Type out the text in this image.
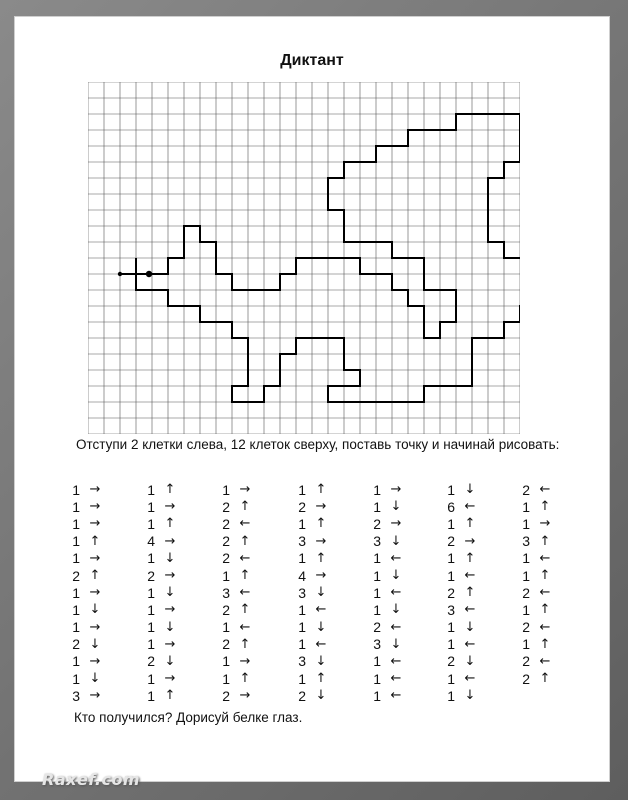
Диктант
Отступи 2 клетки слева, 12 клеток сверху, поставь точку и начинай рисовать:
1 →
1 →
1 →
1 ↑
1 →
2 ↑
1 →
1 ↓
1 →
2 ↓
1 →
1 ↓
3 →
1 ↑
1 →
1 ↑
4 →
1 ↓
2 →
1 ↓
1 →
1 ↓
1 →
2 ↓
1 →
1 ↑
1 →
2 ↑
2 ←
2 ↑
2 ←
1 ↑
3 ←
2 ↑
1 ←
2 ↑
1 →
1 ↑
2 →
1 ↑
2 →
1 ↑
3 →
1 ↑
4 →
3 ↓
1 ←
1 ↓
1 ←
3 ↓
1 ↑
2 ↓
1 →
1 ↓
2 →
3 ↓
1 ←
1 ↓
1 ←
1 ↓
2 ←
3 ↓
1 ←
1 ←
1 ←
1 ↓
6 ←
1 ↑
2 →
1 ↑
1 ←
2 ↑
3 ←
1 ↓
1 ←
2 ↓
1 ←
1 ↓
2 ←
1 ↑
1 →
3 ↑
1 ←
1 ↑
2 ←
1 ↑
2 ←
1 ↑
2 ←
2 ↑
Кто получился? Дорисуй белке глаз.
Raxef.com
